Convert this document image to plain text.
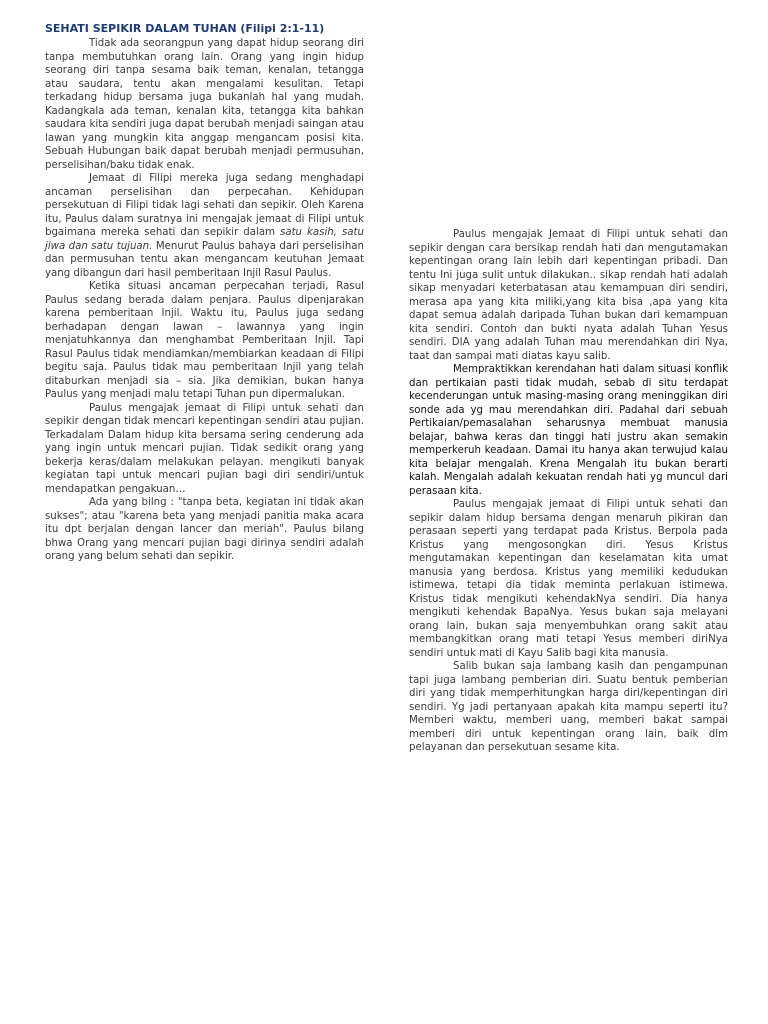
SEHATI SEPIKIR DALAM TUHAN (Filipi 2:1-11)

Tidak ada seorangpun yang dapat hidup seorang diri tanpa membutuhkan orang lain. Orang yang ingin hidup seorang diri tanpa sesama baik teman, kenalan, tetangga atau saudara, tentu akan mengalami kesulitan. Tetapi terkadang hidup bersama juga bukanlah hal yang mudah. Kadangkala ada teman, kenalan kita, tetangga kita bahkan saudara kita sendiri juga dapat berubah menjadi saingan atau lawan yang mungkin kita anggap mengancam posisi kita. Sebuah Hubungan baik dapat berubah menjadi permusuhan, perselisihan/baku tidak enak.

Jemaat di Filipi mereka juga sedang menghadapi ancaman perselisihan dan perpecahan. Kehidupan persekutuan di Filipi tidak lagi sehati dan sepikir. Oleh Karena itu, Paulus dalam suratnya ini mengajak jemaat di Filipi untuk bgaimana mereka sehati dan sepikir dalam satu kasih, satu jiwa dan satu tujuan. Menurut Paulus bahaya dari perselisihan dan permusuhan tentu akan mengancam keutuhan Jemaat yang dibangun dari hasil pemberitaan Injil Rasul Paulus.

Ketika situasi ancaman perpecahan terjadi, Rasul Paulus sedang berada dalam penjara. Paulus dipenjarakan karena pemberitaan Injil. Waktu itu, Paulus juga sedang berhadapan dengan lawan – lawannya yang ingin menjatuhkannya dan menghambat Pemberitaan Injil. Tapi Rasul Paulus tidak mendiamkan/membiarkan keadaan di Filipi begitu saja. Paulus tidak mau pemberitaan Injil yang telah ditaburkan menjadi sia – sia. Jika demikian, bukan hanya Paulus yang menjadi malu tetapi Tuhan pun dipermalukan.

Paulus mengajak jemaat di Filipi untuk sehati dan sepikir dengan tidak mencari kepentingan sendiri atau pujian. Terkadalam Dalam hidup kita bersama sering cenderung ada yang ingin untuk mencari pujian. Tidak sedikit orang yang bekerja keras/dalam melakukan pelayan. mengikuti banyak kegiatan tapi untuk mencari pujian bagi diri sendiri/untuk mendapatkan pengakuan…

Ada yang bilng : "tanpa beta, kegiatan ini tidak akan sukses"; atau "karena beta yang menjadi panitia maka acara itu dpt berjalan dengan lancer dan meriah". Paulus bilang bhwa Orang yang mencari pujian bagi dirinya sendiri adalah orang yang belum sehati dan sepikir.

Paulus mengajak Jemaat di Filipi untuk sehati dan sepikir dengan cara bersikap rendah hati dan mengutamakan kepentingan orang lain lebih dari kepentingan pribadi. Dan tentu Ini juga sulit untuk dilakukan.. sikap rendah hati adalah sikap menyadari keterbatasan atau kemampuan diri sendiri, merasa apa yang kita miliki,yang kita bisa ,apa yang kita dapat semua adalah daripada Tuhan bukan dari kemampuan kita sendiri. Contoh dan bukti nyata adalah Tuhan Yesus sendiri. DIA yang adalah Tuhan mau merendahkan diri Nya, taat dan sampai mati diatas kayu salib.

Mempraktikkan kerendahan hati dalam situasi konflik dan pertikaian pasti tidak mudah, sebab di situ terdapat kecenderungan untuk masing-masing orang meninggikan diri sonde ada yg mau merendahkan diri. Padahal dari sebuah Pertikaian/pemasalahan seharusnya membuat manusia belajar, bahwa keras dan tinggi hati justru akan semakin memperkeruh keadaan. Damai itu hanya akan terwujud kalau kita belajar mengalah. Krena Mengalah itu bukan berarti kalah. Mengalah adalah kekuatan rendah hati yg muncul dari perasaan kita.

Paulus mengajak jemaat di Filipi untuk sehati dan sepikir dalam hidup bersama dengan menaruh pikiran dan perasaan seperti yang terdapat pada Kristus. Berpola pada Kristus yang mengosongkan diri. Yesus Kristus mengutamakan kepentingan dan keselamatan kita umat manusia yang berdosa. Kristus yang memiliki kedudukan istimewa, tetapi dia tidak meminta perlakuan istimewa. Kristus tidak mengikuti kehendakNya sendiri. Dia hanya mengikuti kehendak BapaNya. Yesus bukan saja melayani orang lain, bukan saja menyembuhkan orang sakit atau membangkitkan orang mati tetapi Yesus memberi diriNya sendiri untuk mati di Kayu Salib bagi kita manusia.

Salib bukan saja lambang kasih dan pengampunan tapi juga lambang pemberian diri. Suatu bentuk pemberian diri yang tidak memperhitungkan harga diri/kepentingan diri sendiri. Yg jadi pertanyaan apakah kita mampu seperti itu? Memberi waktu, memberi uang, memberi bakat sampai memberi diri untuk kepentingan orang lain, baik dlm pelayanan dan persekutuan sesame kita.
